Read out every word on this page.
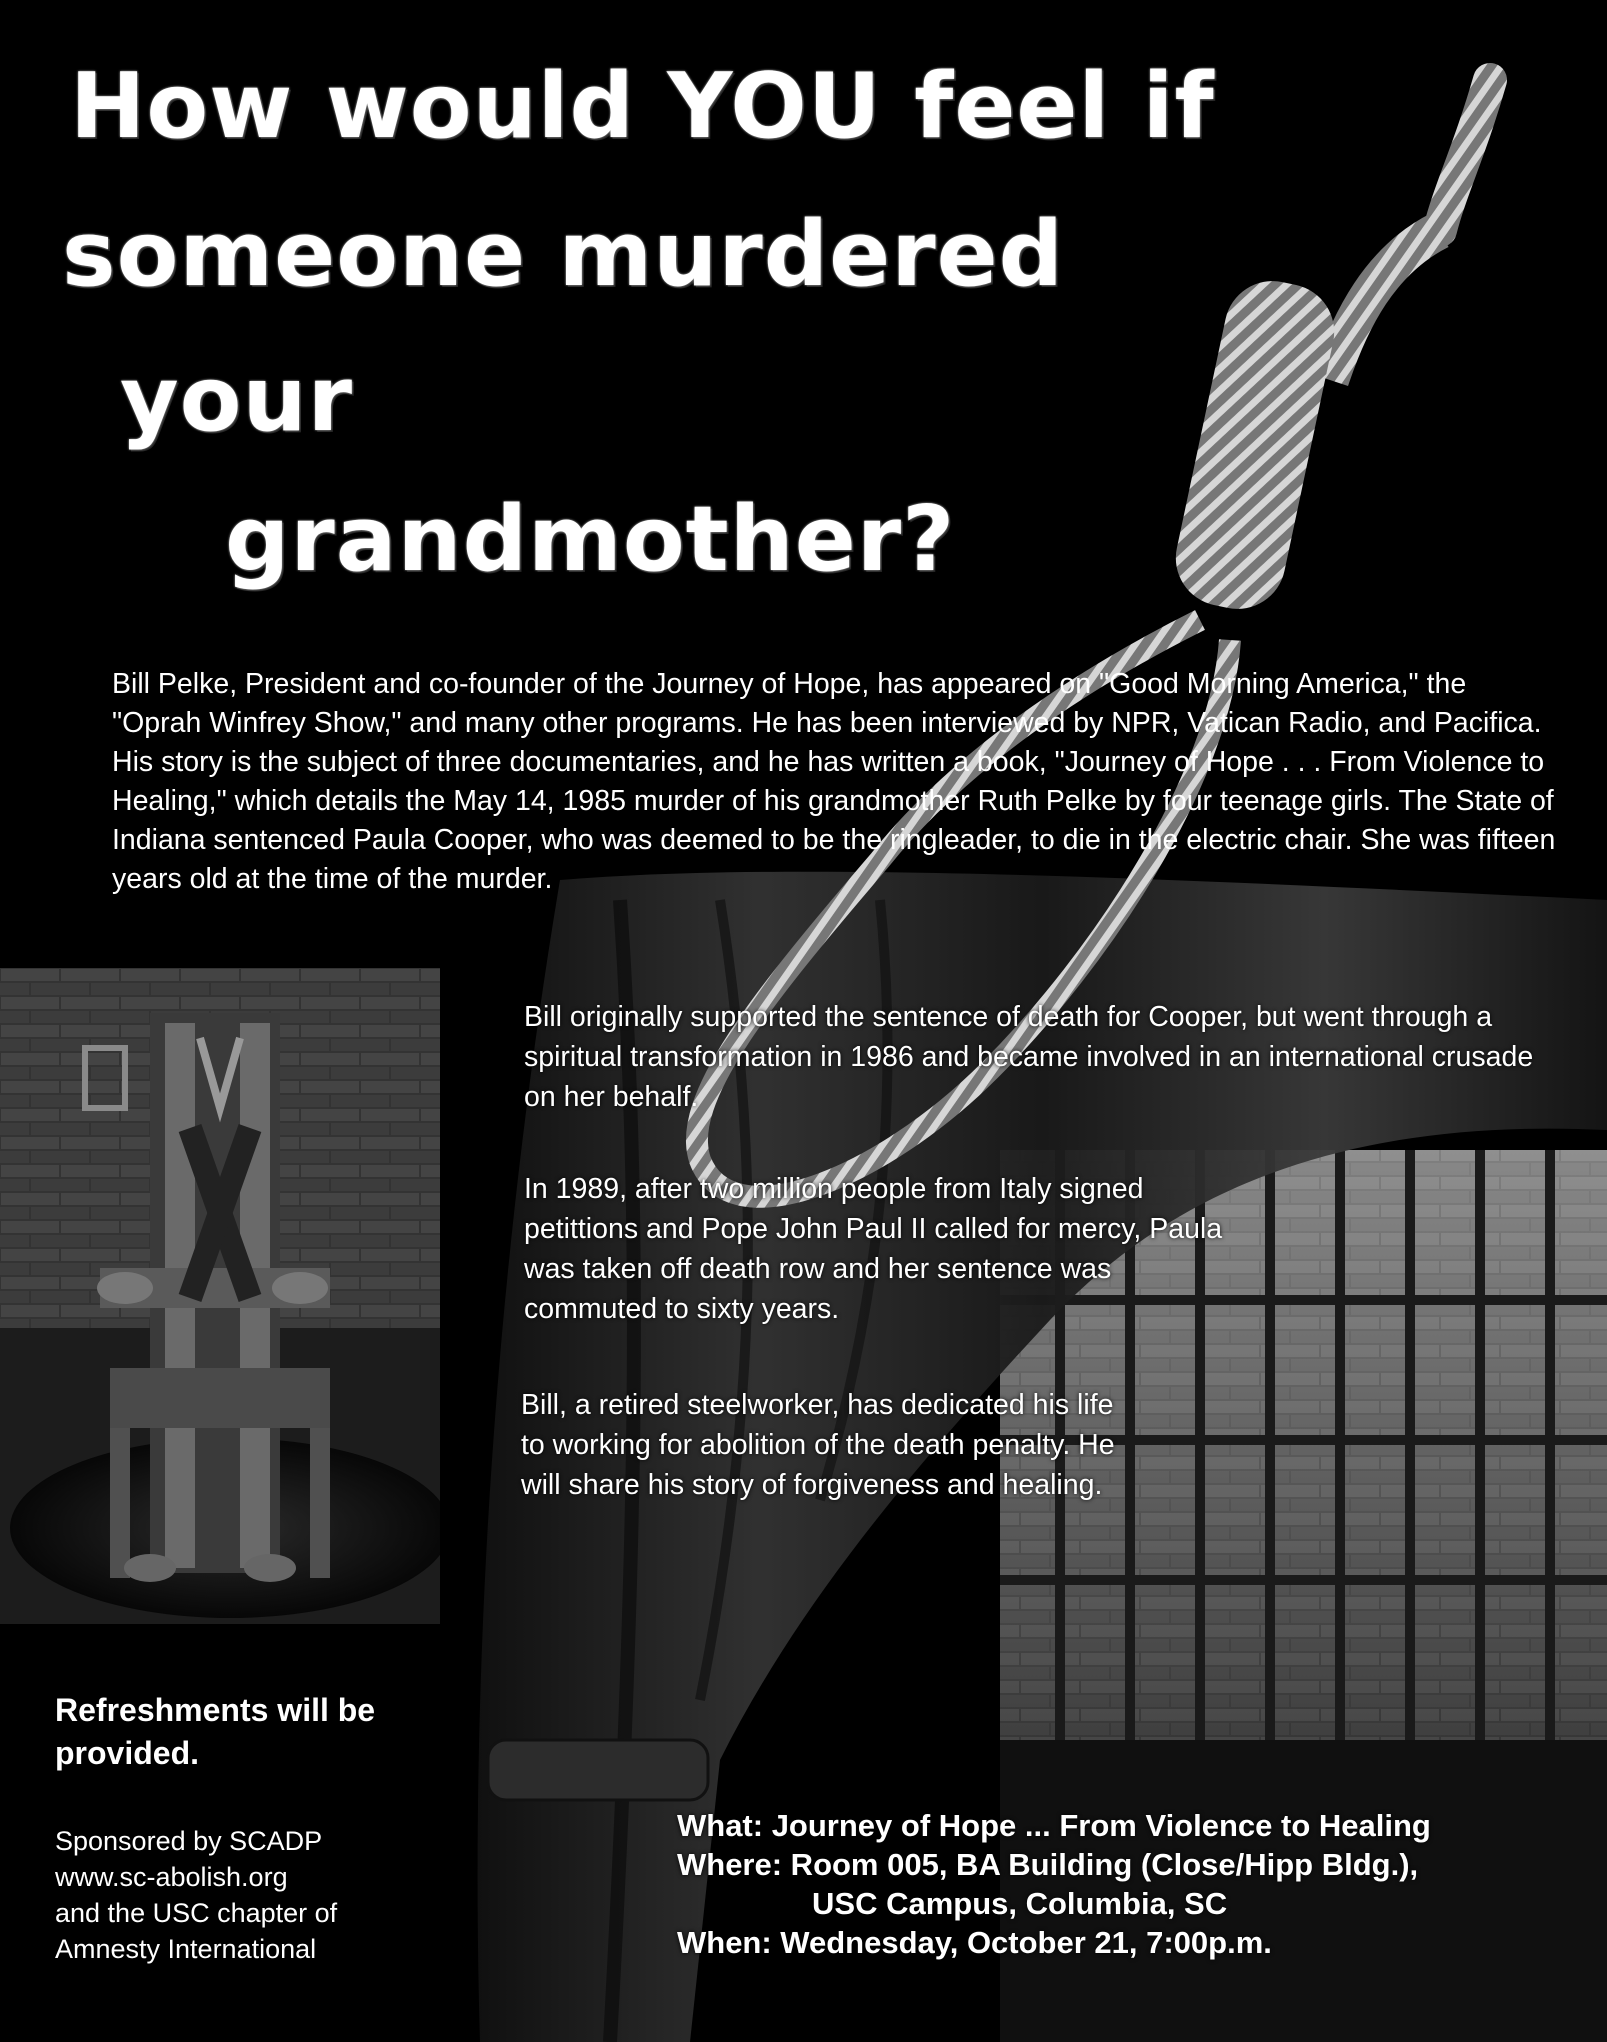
How would YOU feel if
someone murdered
your
grandmother?

Bill Pelke, President and co-founder of the Journey of Hope, has appeared on "Good Morning America," the "Oprah Winfrey Show," and many other programs. He has been interviewed by NPR, Vatican Radio, and Pacifica. His story is the subject of three documentaries, and he has written a book, "Journey of Hope . . . From Violence to Healing," which details the May 14, 1985 murder of his grandmother Ruth Pelke by four teenage girls. The State of Indiana sentenced Paula Cooper, who was deemed to be the ringleader, to die in the electric chair. She was fifteen years old at the time of the murder.

Bill originally supported the sentence of death for Cooper, but went through a spiritual transformation in 1986 and became involved in an international crusade on her behalf.

In 1989, after two million people from Italy signed petittions and Pope John Paul II called for mercy, Paula was taken off death row and her sentence was commuted to sixty years.

Bill, a retired steelworker, has dedicated his life to working for abolition of the death penalty. He will share his story of forgiveness and healing.

Refreshments will be provided.

Sponsored by SCADP
www.sc-abolish.org
and the USC chapter of
Amnesty International
What: Journey of Hope ... From Violence to Healing
Where: Room 005, BA Building (Close/Hipp Bldg.),
USC Campus, Columbia, SC
When: Wednesday, October 21, 7:00p.m.
